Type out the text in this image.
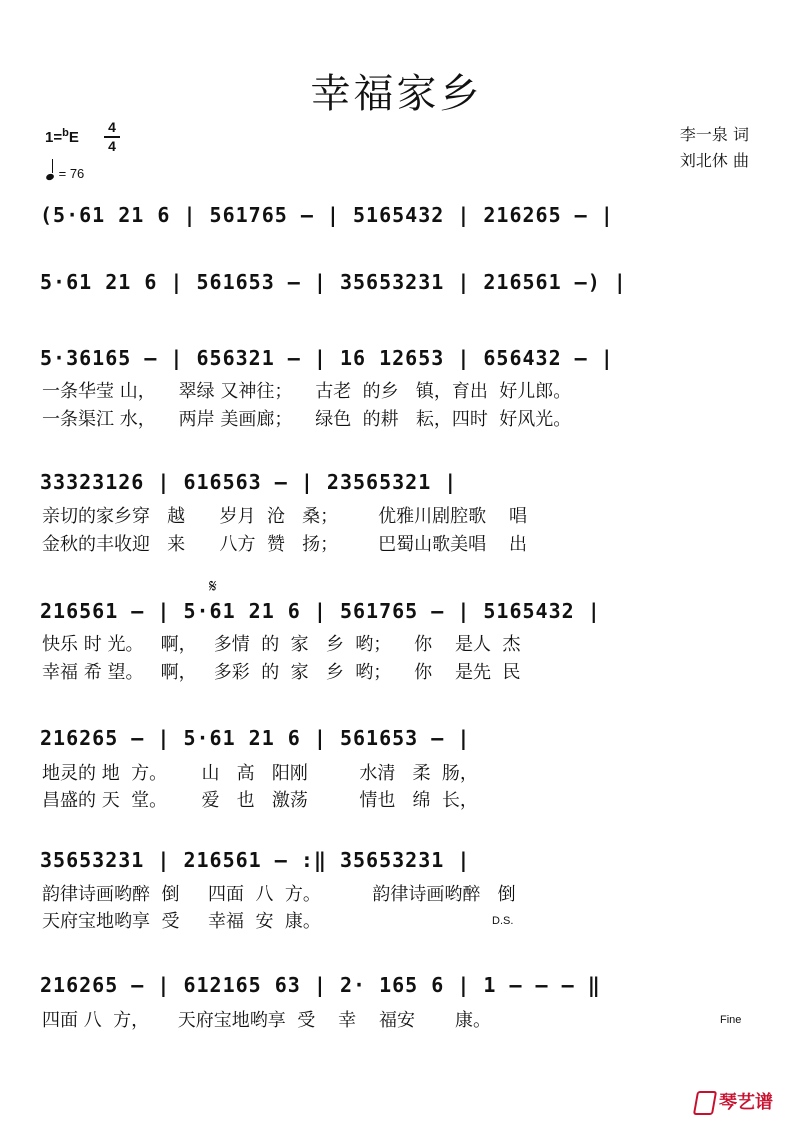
幸福家乡
1=$^b$E
4
4
= 76
李一泉 词
刘北休 曲
(5·61 21 6 | 561765 – | 5165432 | 216265 – |
5·61 21 6 | 561653 – | 35653231 | 216561 –) |
5·36165 – | 656321 – | 16 12653 | 656432 – |
一条华莹 山，    翠绿 又神往；    古老  的乡   镇，育出  好儿郎。
一条渠江 水，    两岸 美画廊；    绿色  的耕   耘，四时  好风光。
33323126 | 616563 – | 23565321 |
亲切的家乡穿   越      岁月  沧   桑；       优雅川剧腔歌    唱
金秋的丰收迎   来      八方  赞   扬；       巴蜀山歌美唱    出
𝄋
216561 – | 5·61 21 6 | 561765 – | 5165432 |
快乐 时 光。   啊，   多情  的  家   乡  哟；    你    是人  杰
幸福 希 望。   啊，   多彩  的  家   乡  哟；    你    是先  民
216265 – | 5·61 21 6 | 561653 – |
地灵的 地  方。      山   高   阳刚         水清   柔  肠，
昌盛的 天  堂。      爱   也   激荡         情也   绵  长，
35653231 | 216561 – :‖ 35653231 |
韵律诗画哟醉  倒     四面  八  方。         韵律诗画哟醉   倒
天府宝地哟享  受     幸福  安  康。	D.S.
216265 – | 612165 63 | 2· 165 6 | 1 – – – ‖
四面 八  方，     天府宝地哟享  受    幸    福安       康。	Fine
琴艺谱
